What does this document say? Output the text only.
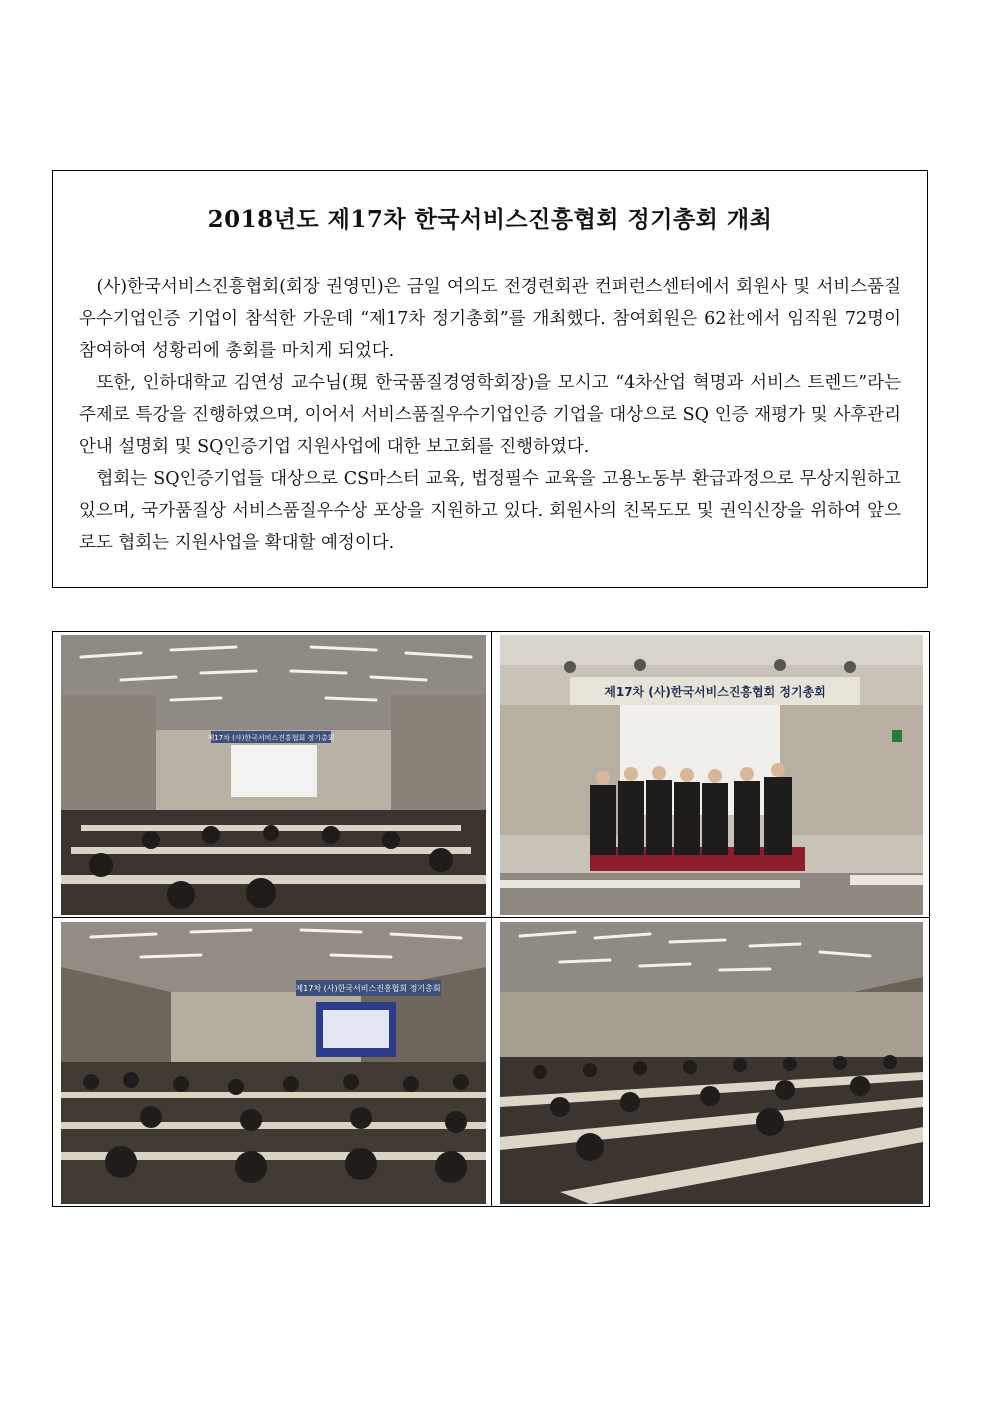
2018년도 제17차 한국서비스진흥협회 정기총회 개최

(사)한국서비스진흥협회(회장 권영민)은 금일 여의도 전경련회관 컨퍼런스센터에서 회원사 및 서비스품질우수기업인증 기업이 참석한 가운데 “제17차 정기총회”를 개최했다. 참여회원은 62社에서 임직원 72명이 참여하여 성황리에 총회를 마치게 되었다.

또한, 인하대학교 김연성 교수님(現 한국품질경영학회장)을 모시고 “4차산업 혁명과 서비스 트렌드”라는 주제로 특강을 진행하였으며, 이어서 서비스품질우수기업인증 기업을 대상으로 SQ 인증 재평가 및 사후관리 안내 설명회 및 SQ인증기업 지원사업에 대한 보고회를 진행하였다.

협회는 SQ인증기업들 대상으로 CS마스터 교육, 법정필수 교육을 고용노동부 환급과정으로 무상지원하고 있으며, 국가품질상 서비스품질우수상 포상을 지원하고 있다. 회원사의 친목도모 및 권익신장을 위하여 앞으로도 협회는 지원사업을 확대할 예정이다.

제17차 (사)한국서비스진흥협회 정기총회
제17차 (사)한국서비스진흥협회 정기총회
제17차 (사)한국서비스진흥협회 정기총회
